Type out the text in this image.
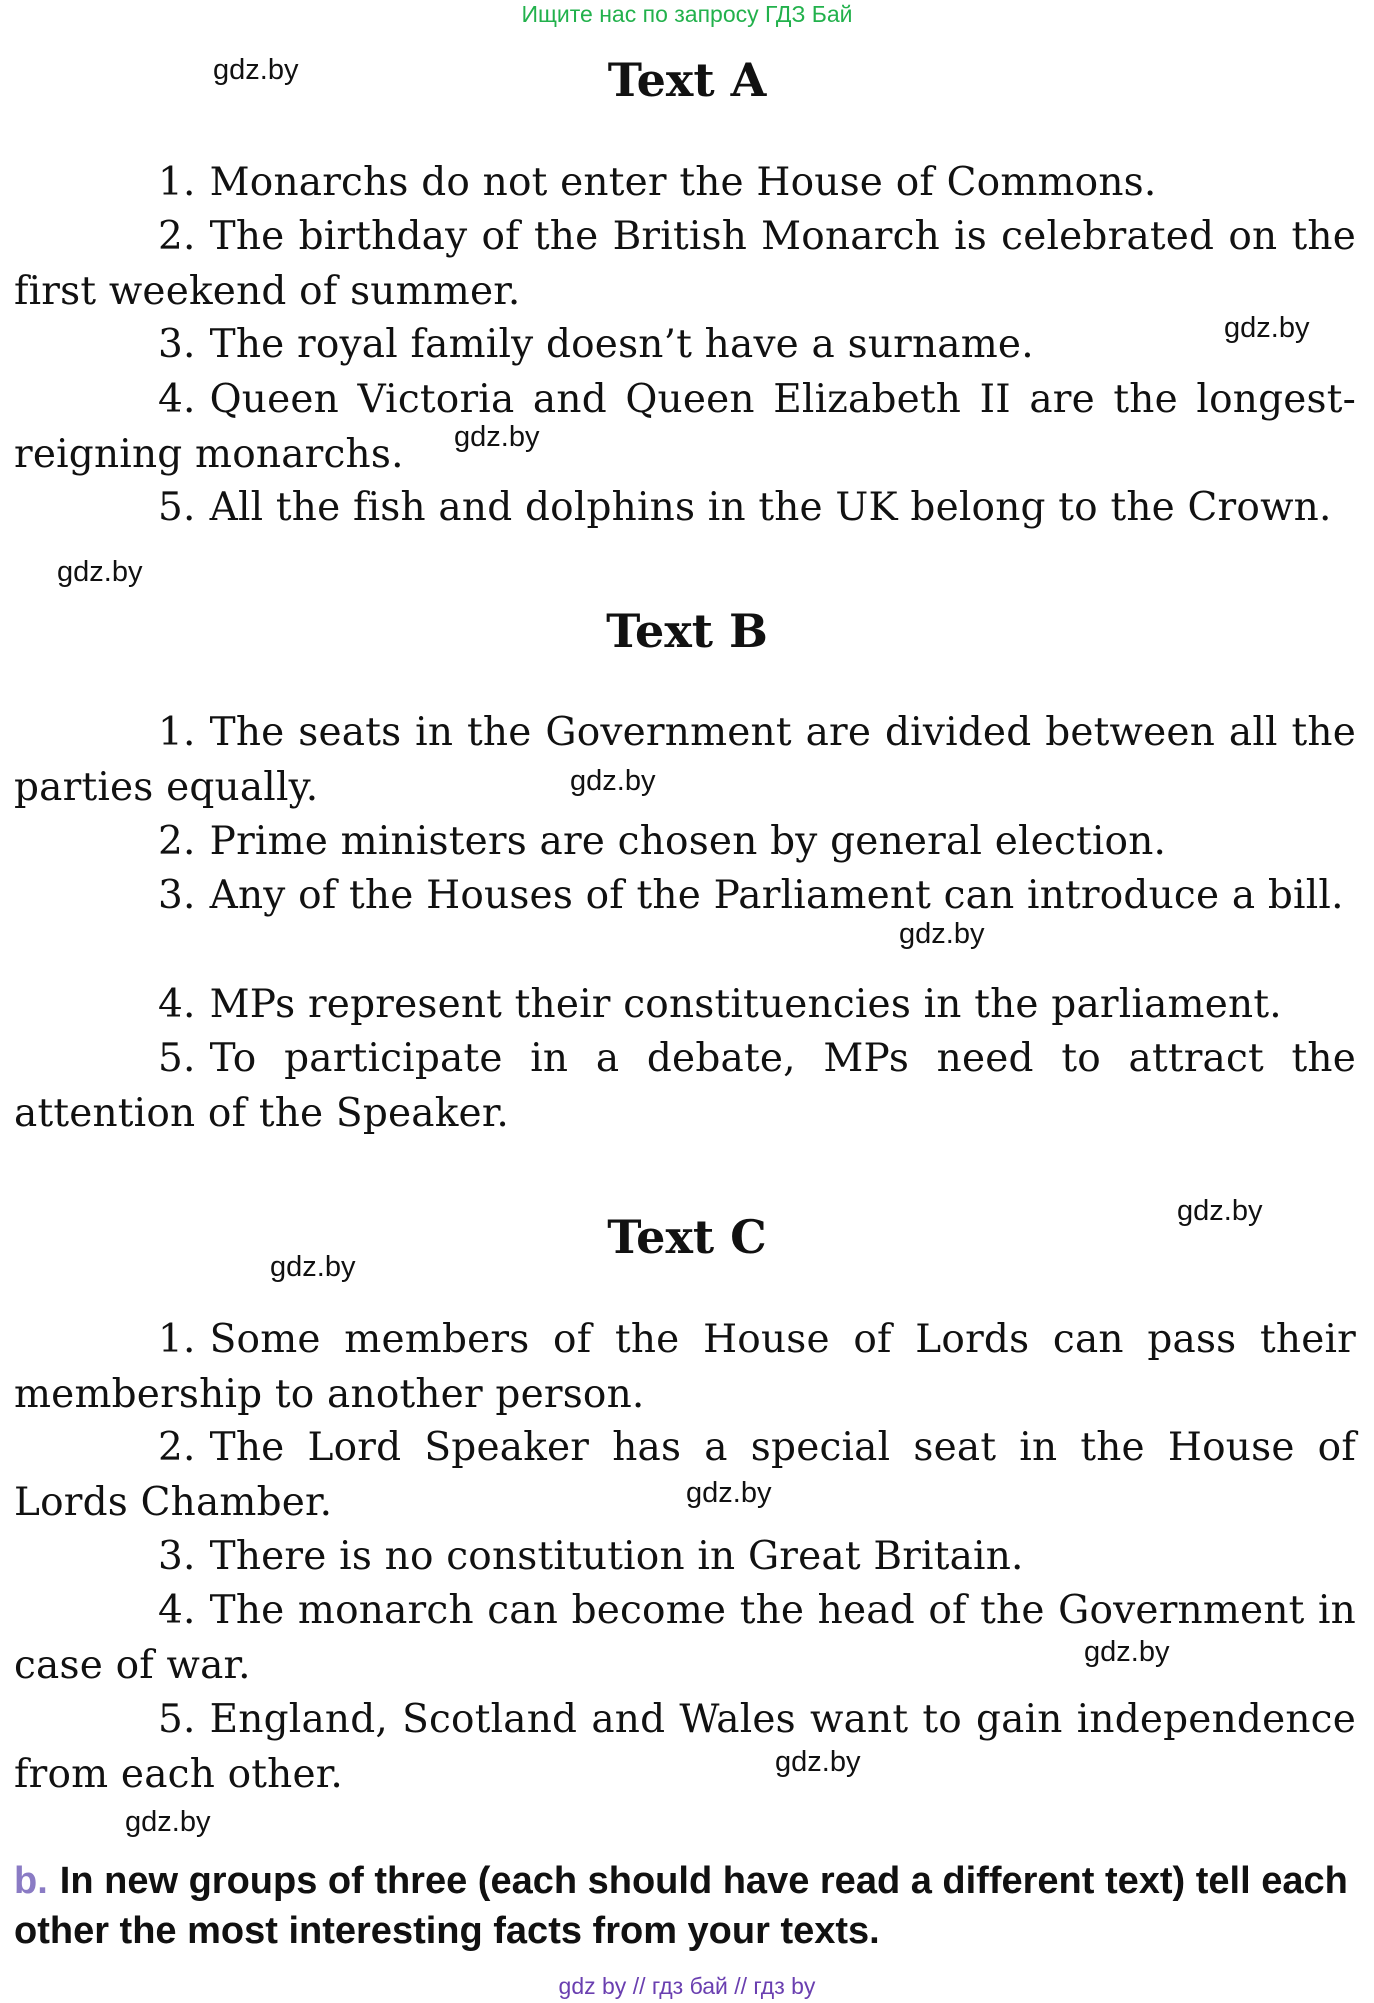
Ищите нас по запросу ГДЗ Бай
Text A
1. Monarchs do not enter the House of Commons.
2. The birthday of the British Monarch is celebrated on the first weekend of summer.
3. The royal family doesn’t have a surname.
4. Queen Victoria and Queen Elizabeth II are the longest-reigning monarchs.
5. All the fish and dolphins in the UK belong to the Crown.
Text B
1. The seats in the Government are divided between all the parties equally.
2. Prime ministers are chosen by general election.
3. Any of the Houses of the Parliament can introduce a bill.
4. MPs represent their constituencies in the parliament.
5. To participate in a debate, MPs need to attract the attention of the Speaker.
Text C
1. Some members of the House of Lords can pass their membership to another person.
2. The Lord Speaker has a special seat in the House of Lords Chamber.
3. There is no constitution in Great Britain.
4. The monarch can become the head of the Government in case of war.
5. England, Scotland and Wales want to gain independence from each other.
b. In new groups of three (each should have read a different text) tell each other the most interesting facts from your texts.
gdz.by
gdz.by
gdz.by
gdz.by
gdz.by
gdz.by
gdz.by
gdz.by
gdz.by
gdz.by
gdz.by
gdz.by
gdz by // гдз бай // гдз by
